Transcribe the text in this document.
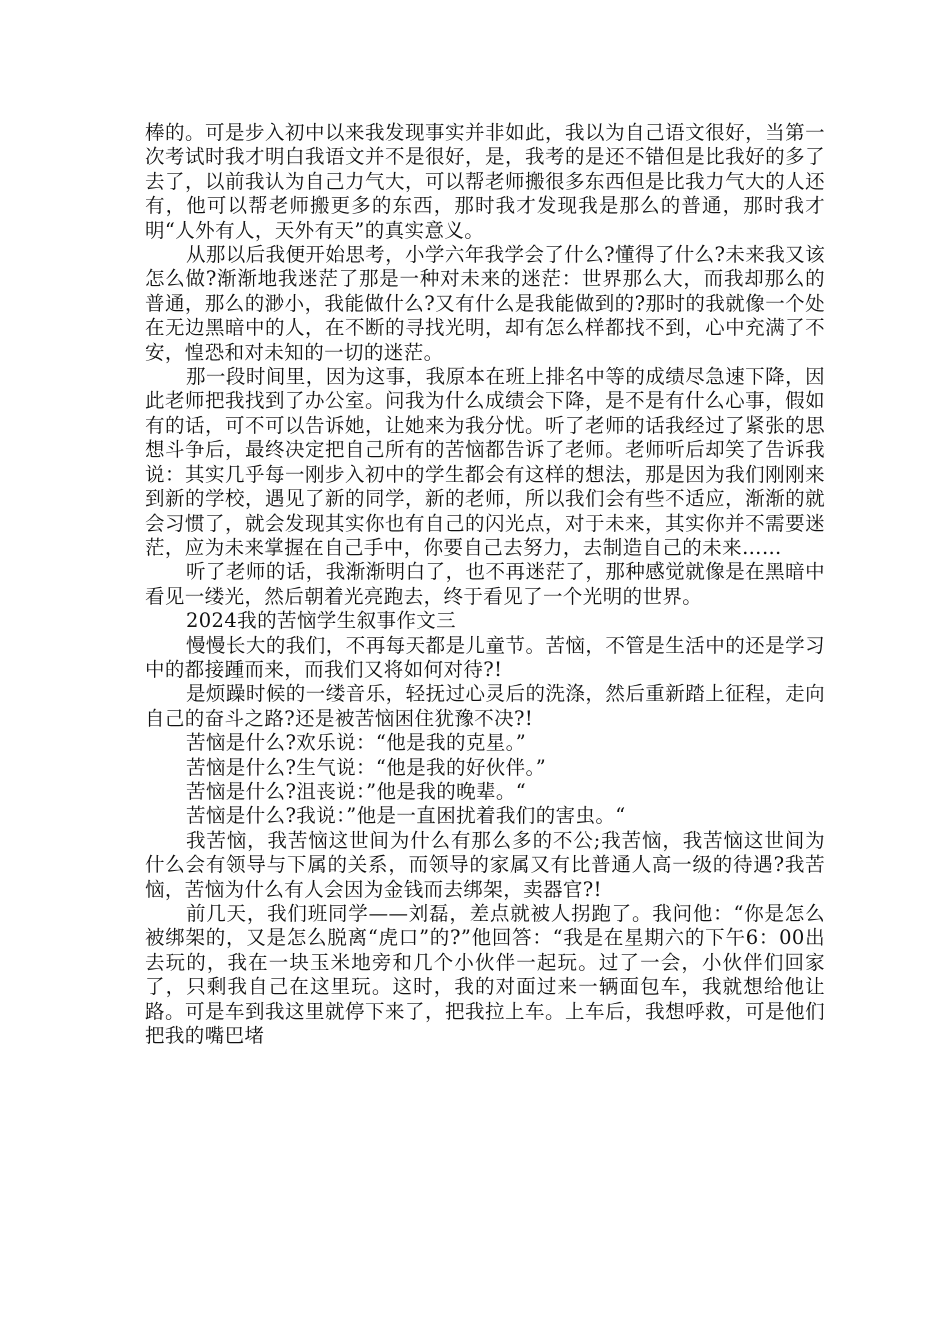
棒的。可是步入初中以来我发现事实并非如此，我以为自己语文很好，当第一次考试时我才明白我语文并不是很好，是，我考的是还不错但是比我好的多了去了，以前我认为自己力气大，可以帮老师搬很多东西但是比我力气大的人还有，他可以帮老师搬更多的东西，那时我才发现我是那么的普通，那时我才明“人外有人，天外有天”的真实意义。

从那以后我便开始思考，小学六年我学会了什么?懂得了什么?未来我又该怎么做?渐渐地我迷茫了那是一种对未来的迷茫：世界那么大，而我却那么的普通，那么的渺小，我能做什么?又有什么是我能做到的?那时的我就像一个处在无边黑暗中的人，在不断的寻找光明，却有怎么样都找不到，心中充满了不安，惶恐和对未知的一切的迷茫。

那一段时间里，因为这事，我原本在班上排名中等的成绩尽急速下降，因此老师把我找到了办公室。问我为什么成绩会下降，是不是有什么心事，假如有的话，可不可以告诉她，让她来为我分忧。听了老师的话我经过了紧张的思想斗争后，最终决定把自己所有的苦恼都告诉了老师。老师听后却笑了告诉我说：其实几乎每一刚步入初中的学生都会有这样的想法，那是因为我们刚刚来到新的学校，遇见了新的同学，新的老师，所以我们会有些不适应，渐渐的就会习惯了，就会发现其实你也有自己的闪光点，对于未来，其实你并不需要迷茫，应为未来掌握在自己手中，你要自己去努力，去制造自己的未来……

听了老师的话，我渐渐明白了，也不再迷茫了，那种感觉就像是在黑暗中看见一缕光，然后朝着光亮跑去，终于看见了一个光明的世界。

2024我的苦恼学生叙事作文三

慢慢长大的我们，不再每天都是儿童节。苦恼，不管是生活中的还是学习中的都接踵而来，而我们又将如何对待?!

是烦躁时候的一缕音乐，轻抚过心灵后的洗涤，然后重新踏上征程，走向自己的奋斗之路?还是被苦恼困住犹豫不决?!

苦恼是什么?欢乐说：“他是我的克星。”

苦恼是什么?生气说：“他是我的好伙伴。”

苦恼是什么?沮丧说：”他是我的晚辈。“

苦恼是什么?我说：”他是一直困扰着我们的害虫。“

我苦恼，我苦恼这世间为什么有那么多的不公;我苦恼，我苦恼这世间为什么会有领导与下属的关系，而领导的家属又有比普通人高一级的待遇?我苦恼，苦恼为什么有人会因为金钱而去绑架，卖器官?!

前几天，我们班同学——刘磊，差点就被人拐跑了。我问他：“你是怎么被绑架的，又是怎么脱离“虎口”的?”他回答：“我是在星期六的下午6：00出去玩的，我在一块玉米地旁和几个小伙伴一起玩。过了一会，小伙伴们回家了，只剩我自己在这里玩。这时，我的对面过来一辆面包车，我就想给他让路。可是车到我这里就停下来了，把我拉上车。上车后，我想呼救，可是他们把我的嘴巴堵
